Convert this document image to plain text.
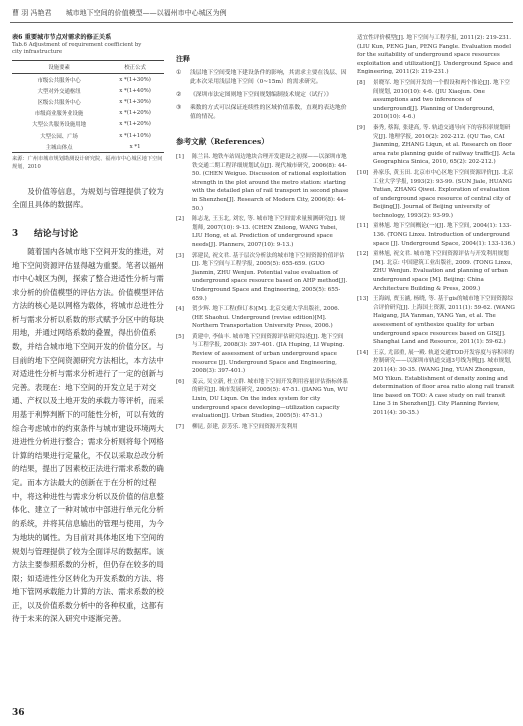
曹 羽 冯艳君 城市地下空间的价值模型——以福州市中心城区为例
表6 重要城市节点对需求的修正关系
Tab.6 Adjustment of requirement coefficient by
city infrastructure
设施要素	校正公式
市级公共服务中心	x *(1+30%)
大型对外交通枢纽	x *(1+40%)
区级公共服务中心	x *(1+30%)
市级商业服务业设施	x *(1+20%)
大型公共服务设施用地	x *(1+20%)
大型公园、广场	x *(1+10%)
主城山体点	x *1
来源：广州市城市规划勘测设计研究院、福州市中心城区地下空间规划，2010

及价值等信息，为规划与管理提供了较为全面且具体的数据库。

3 结论与讨论

随着国内各城市地下空间开发的推进，对地下空间资源评估显得越为重要。笔者以福州市中心城区为例，探索了整合进适性分析与需求分析的价值模型的评估方法。价值模型评估方法的核心是以网格为载体，将城市总进性分析与需求分析以系数的形式赋予分区中的每块用地，并通过网络系数的叠置，得出价值系数，并结合城市地下空间开发的价值分区。与目前的地下空间资源研究方法相比，本方法中对适进性分析与需求分析进行了一定的创新与完善。表现在：地下空间的开发立足于对交通、产权以及土地开发的承载力等评析，而采用基于利弊判断下的可能性分析，可以有效的综合考虑城市的约束条件与城市建设环境两大进进性分析进行整合；需求分析则将每个网格计算的结果进行定量化，不仅以采取总改分析的结果，提出了因素校正法进行需求系数的确定。而本方法最大的创新在于在分析的过程中，将这种进性与需求分析以及价值的信息整体化、建立了一种对城市中部进行单元化分析的系统，并将其信息输出的管理与使用，为今

为地块的属性。为目前对具体地区地下空间的规划与管理提供了较为全面详尽的数据库。该方法主要参照系数的分析，但仍存在较多的局限；如适进性分区转化为开发系数的方法、将地下管网承载能力计算的方法、需求系数的校正，以及价值系数分析中的各种权重，这都有待于未来的深入研究中逐渐完善。

注释
① 浅层地下空间受地下建设条件的影响，其需求主要在浅层、因此本次采用浅层地下空间（0~15m）的需求研究。
② 《深圳市法定图则地下空间规划编制技术规定（试行）》
③ 乘数的方式可以保证连续性的区域价值系数，直观的表达地价值的情况。
参考文献（References）
[1] 陈兰昌. 地铁车站周边地块合理开发建设之初探——以深圳市地铁交通二期工程详细规划试点[J]. 现代城市研究, 2006(8): 44-50. (CHEN Weiguo. Discussion of rational exploitation strength in the plot around the metro station: starting with the detailed plan of rail transport in second phase in Shenzhen[J]. Research of Modern City, 2006(8): 44-50.)
[2] 陈志龙, 王玉北, 刘宏, 等. 城市地下空间需求量预测研究[J]. 规划师, 2007(10): 9-13. (CHEN Zhilong, WANG Yubei, LIU Hong, et al. Prediction of underground space needs[J]. Planners, 2007(10): 9-13.)
[3] 郭建民, 祝文君. 基于层次分析法的城市地下空间资源价值评估[J]. 地下空间与工程学报, 2005(5): 655-659. (GUO Jianmin, ZHU Wenjun. Potential value evaluation of underground space resource based on AHP method[J]. Underground Space and Engineering, 2005(5): 655-659.)
[4] 贺少辉. 地下工程(修订本)[M]. 北京交通大学出版社, 2006. (HE Shaohui. Underground (revise edition)[M]. Northern Transportation University Press, 2006.)
[5] 黄建中, 李仙丰. 城市地下空间资源评估研究综述[J]. 地下空间与工程学报, 2008(3): 397-401. (JIA Huping, LI Wuping. Review of assessment of urban underground space resource [J]. Underground Space and Engineering, 2008(3): 397-401.)
[6] 姜云, 吴立新, 杜立群. 城市地下空间开发利用容量评估指标体系的研究[J]. 城市发展研究, 2005(5): 47-51. (JIANG Yun, WU Lixin, DU Liqun. On the index system for city underground space developing—utilization capacity evaluation[J]. Urban Studies, 2005(5): 47-51.)
[7] 柳昆, 彭建, 彭芳乐. 地下空间资源开发利用
适宜性评价模型[J]. 地下空间与工程学报, 2011(2): 219-231. (LIU Kun, PENG Jian, PENG Fangle. Evaluation model for the suitability of underground space resources exploitation and utilization[J]. Underground Space and Engineering, 2011(2): 219-231.)
[8] 景晓军. 地下空间开发的一个假设和两个推论[J]. 地下空间规划, 2010(10): 4-6. (JIU Xiaojun. One assumptions and two inferences of underground[J]. Planning of Underground, 2010(10): 4-6.)
[9] 秦秀, 蔡海, 张建高, 等. 轨道交通导向下的容积率规划研究[J]. 地理学报, 2010(2): 202-212. (QU Tao, CAI Jianming, ZHANG Liqun, et al. Research on floor area rate planning guide of railway traffic[J]. Acta Geographica Sinica, 2010, 65(2): 202-212.)
[10] 孙家乐, 黄玉田. 北京市中心区地下空间资源评价[J]. 北京工业大学学报, 1993(2): 93-99. (SUN Jiale, HUANG Yutian, ZHANG Qiwei. Exploration of evaluation of underground space resource of central city of Beijing[J]. Journal of Beijing university of technology, 1993(2): 93-99.)
[11] 童林旭. 地下空间概论(一)[J]. 地下空间, 2004(1): 133-136. (TONG Linxu. Introduction of underground space [J]. Underground Space, 2004(1): 133-136.)
[12] 童林旭, 祝文君. 城市地下空间资源评估与开发利用规划[M]. 北京: 中国建筑工业出版社, 2009. (TONG Linxu, ZHU Wenjun. Evaluation and planning of urban underground space [M]. Beijing: China Architecture Building & Press, 2009.)
[13] 王海阔, 贾玉涵, 杨晓, 等. 基于gis的城市地下空间资源综合评价研究[J]. 上海国土资源, 2011(1): 59-62. (WANG Haigang, JIA Yanman, YANG Yan, et al. The assessment of synthesize quality for urban underground space resources based on GIS[J]. Shanghai Land and Resource, 2011(1): 59-62.)
[14] 王京, 尤部重, 展一殿. 轨道交通TOD开发容度与容积率的控制研究——以深圳市轨道交通3号线为例[J]. 城市规划, 2011(4): 30-35. (WANG Jing, YUAN Zhongxun, MO Yikun. Establishment of density zoning and determination of floor area ratio along rail transit line based on TOD: A case study on rail transit Line 3 in Shenzhen[J]. City Planning Review, 2011(4): 30-35.)
36
